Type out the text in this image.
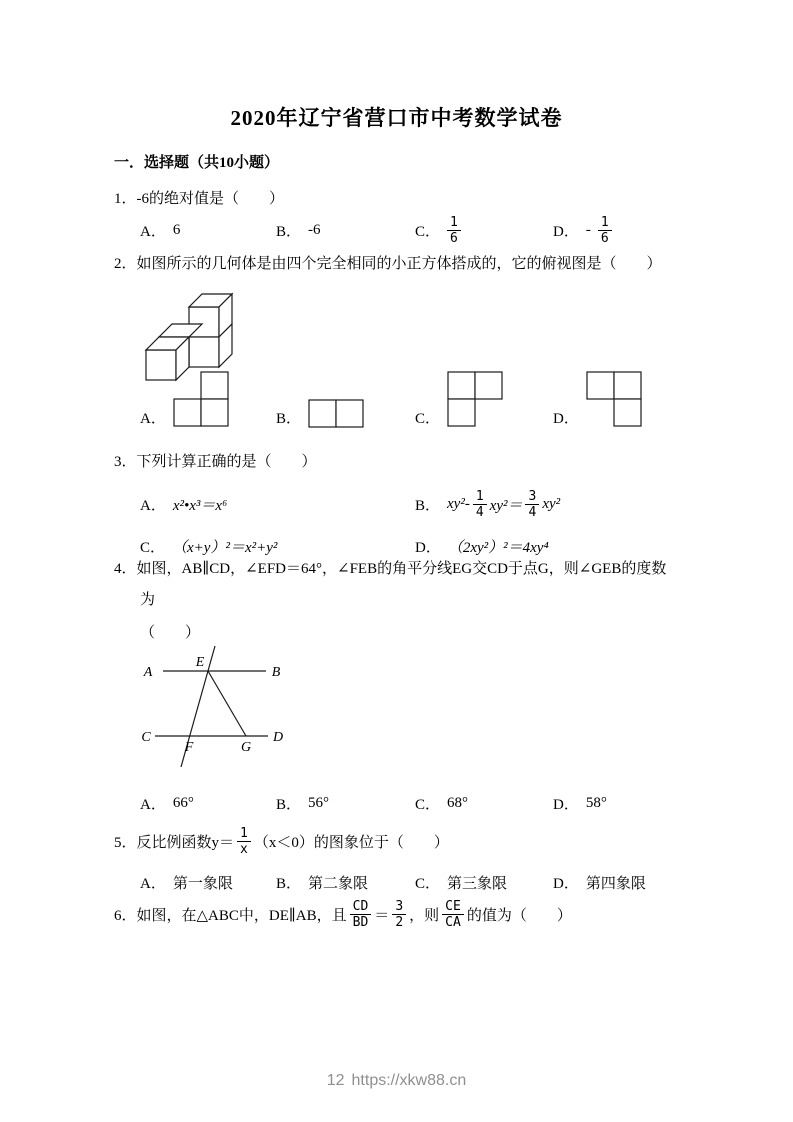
2020年辽宁省营口市中考数学试卷
一．选择题（共10小题）
1．-6的绝对值是（　　）
A． 6	B． -6	C． $\frac{1}{6}$	D． - $\frac{1}{6}$
2．如图所示的几何体是由四个完全相同的小正方体搭成的，它的俯视图是（　　）
A．	B．	C．	D．
3．下列计算正确的是（　　）
A． x²•x³＝x⁶	B． $xy^2- \frac{1}{4} xy^2= \frac{3}{4} xy^2$
C． （x+y）²＝x²+y²	D． （2xy²）²＝4xy⁴
4．如图，AB∥CD，∠EFD＝64°，∠FEB的角平分线EG交CD于点G，则∠GEB的度数
为
（　　）
A	B
C	D
E
F	G
A． 66°	B． 56°	C． 68°	D． 58°
5．反比例函数$y= \frac{1}{x} (x<0)$的图象位于（　　）
A． 第一象限	B． 第二象限	C． 第三象限	D． 第四象限
6．如图，在△ABC中，DE∥AB，且 $\frac{CD}{BD} = \frac{3}{2}$ ，则 $\frac{CE}{CA}$ 的值为（　　）
12 https://xkw88.cn
